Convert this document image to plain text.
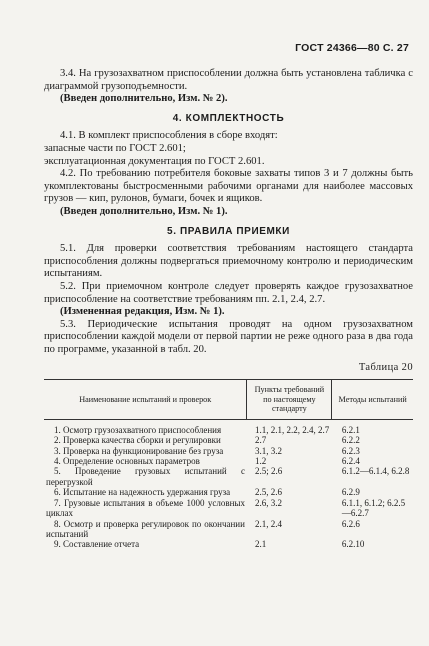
ГОСТ 24366—80 С. 27

3.4. На грузозахватном приспособлении должна быть установлена табличка с диаграммой грузоподъемности.

(Введен дополнительно, Изм. № 2).

4. КОМПЛЕКТНОСТЬ

4.1. В комплект приспособления в сборе входят:

запасные части по ГОСТ 2.601;

эксплуатационная документация по ГОСТ 2.601.

4.2. По требованию потребителя боковые захваты типов 3 и 7 должны быть укомплектованы быстросменными рабочими органами для наиболее массовых грузов — кип, рулонов, бумаги, бочек и ящиков.

(Введен дополнительно, Изм. № 1).

5. ПРАВИЛА ПРИЕМКИ

5.1. Для проверки соответствия требованиям настоящего стандарта приспособления должны подвергаться приемочному контролю и периодическим испытаниям.

5.2. При приемочном контроле следует проверять каждое грузозахватное приспособление на соответствие требованиям пп. 2.1, 2.4, 2.7.

(Измененная редакция, Изм. № 1).

5.3. Периодические испытания проводят на одном грузозахватном приспособлении каждой модели от первой партии не реже одного раза в два года по программе, указанной в табл. 20.

Таблица 20
Наименование испытаний и проверок	Пункты требований по настоящему стандарту	Методы испытаний
1. Осмотр грузозахватного приспособления	1.1, 2.1, 2.2, 2.4, 2.7	6.2.1
2. Проверка качества сборки и регулировки	2.7	6.2.2
3. Проверка на функционирование без груза	3.1, 3.2	6.2.3
4. Определение основных параметров	1.2	6.2.4
5. Проведение грузовых испытаний с перегрузкой	2.5; 2.6	6.1.2—6.1.4, 6.2.8
6. Испытание на надежность удержания груза	2.5, 2.6	6.2.9
7. Грузовые испытания в объеме 1000 условных циклах	2.6, 3.2	6.1.1, 6.1.2; 6.2.5—6.2.7
8. Осмотр и проверка регулировок по окончании испытаний	2.1, 2.4	6.2.6
9. Составление отчета	2.1	6.2.10
